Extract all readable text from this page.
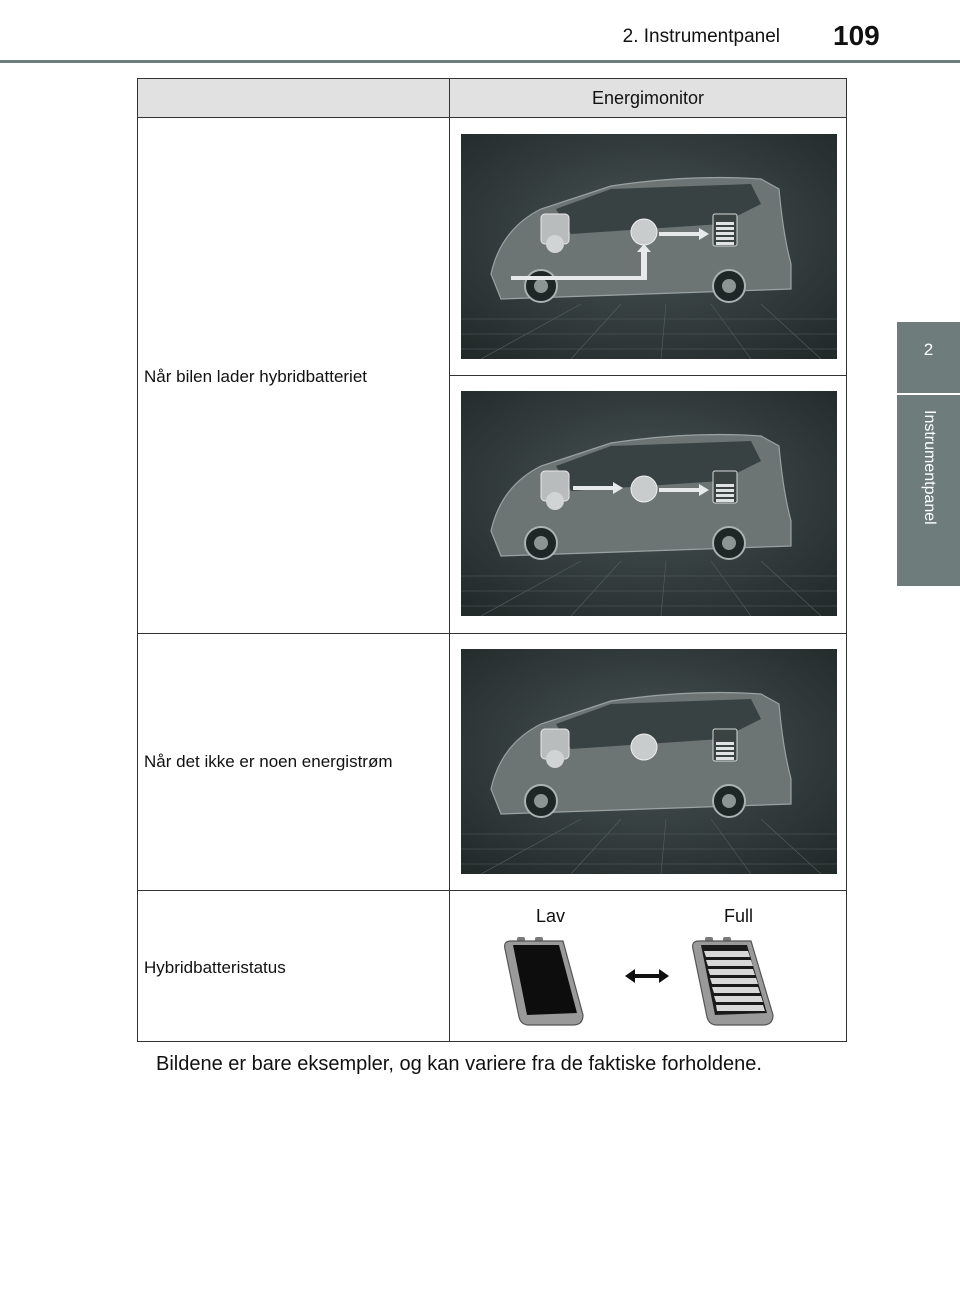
2. Instrumentpanel 109
2
Instrumentpanel
Energimonitor
Når bilen lader hybridbatteriet
Når det ikke er noen energistrøm
Hybridbatteristatus
Lav	Full
Bildene er bare eksempler, og kan variere fra de faktiske forholdene.
